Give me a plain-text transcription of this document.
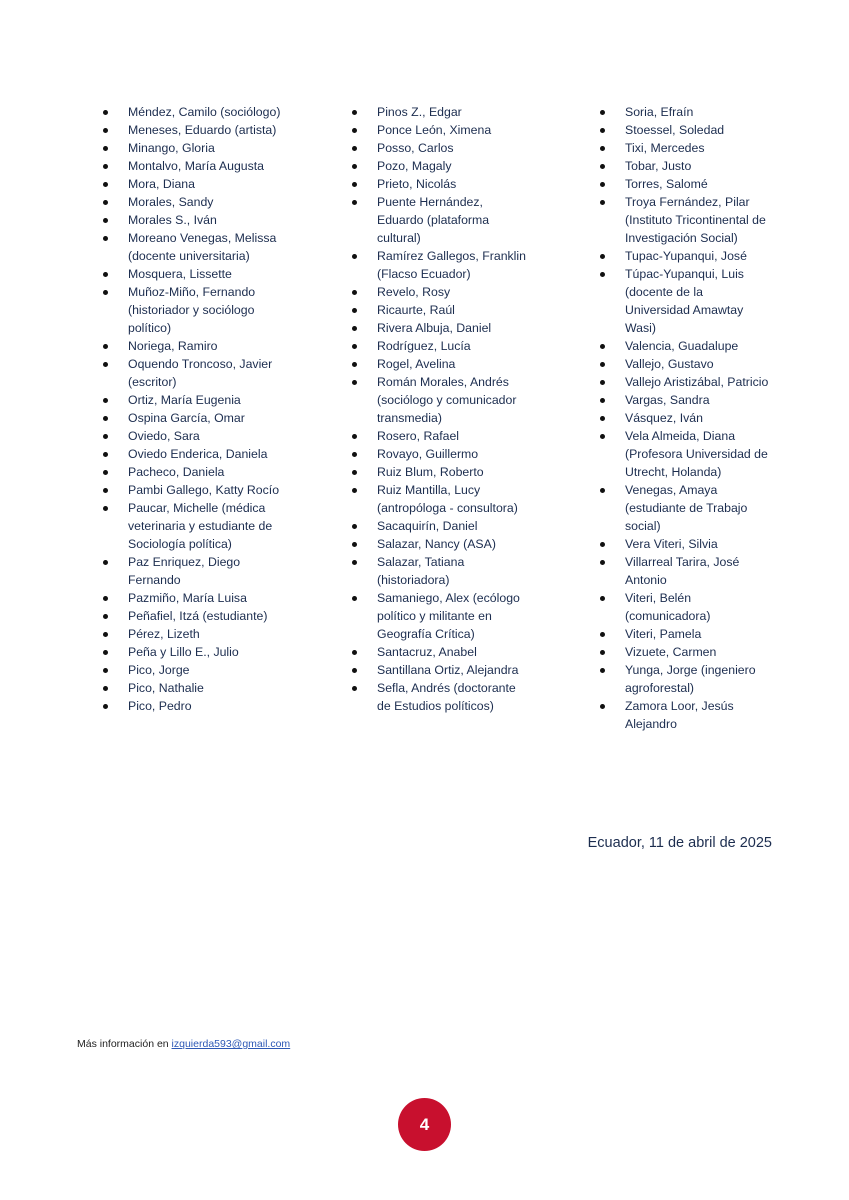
Méndez, Camilo (sociólogo)
Meneses, Eduardo (artista)
Minango, Gloria
Montalvo, María Augusta
Mora, Diana
Morales, Sandy
Morales S., Iván
Moreano Venegas, Melissa (docente universitaria)
Mosquera, Lissette
Muñoz-Miño, Fernando (historiador y sociólogo político)
Noriega, Ramiro
Oquendo Troncoso, Javier (escritor)
Ortiz, María Eugenia
Ospina García, Omar
Oviedo, Sara
Oviedo Enderica, Daniela
Pacheco, Daniela
Pambi Gallego, Katty Rocío
Paucar, Michelle (médica veterinaria y estudiante de Sociología política)
Paz Enriquez, Diego Fernando
Pazmiño, María Luisa
Peñafiel, Itzá (estudiante)
Pérez, Lizeth
Peña y Lillo E., Julio
Pico, Jorge
Pico, Nathalie
Pico, Pedro
Pinos Z., Edgar
Ponce León, Ximena
Posso, Carlos
Pozo, Magaly
Prieto, Nicolás
Puente Hernández, Eduardo (plataforma cultural)
Ramírez Gallegos, Franklin (Flacso Ecuador)
Revelo, Rosy
Ricaurte, Raúl
Rivera Albuja, Daniel
Rodríguez, Lucía
Rogel, Avelina
Román Morales, Andrés (sociólogo y comunicador transmedia)
Rosero, Rafael
Rovayo, Guillermo
Ruiz Blum, Roberto
Ruiz Mantilla, Lucy (antropóloga - consultora)
Sacaquirín, Daniel
Salazar, Nancy (ASA)
Salazar, Tatiana (historiadora)
Samaniego, Alex (ecólogo político y militante en Geografía Crítica)
Santacruz, Anabel
Santillana Ortiz, Alejandra
Sefla, Andrés (doctorante de Estudios políticos)
Soria, Efraín
Stoessel, Soledad
Tixi, Mercedes
Tobar, Justo
Torres, Salomé
Troya Fernández, Pilar (Instituto Tricontinental de Investigación Social)
Tupac-Yupanqui, José
Túpac-Yupanqui, Luis (docente de la Universidad Amawtay Wasi)
Valencia, Guadalupe
Vallejo, Gustavo
Vallejo Aristizábal, Patricio
Vargas, Sandra
Vásquez, Iván
Vela Almeida, Diana (Profesora Universidad de Utrecht, Holanda)
Venegas, Amaya (estudiante de Trabajo social)
Vera Viteri, Silvia
Villarreal Tarira, José Antonio
Viteri, Belén (comunicadora)
Viteri, Pamela
Vizuete, Carmen
Yunga, Jorge (ingeniero agroforestal)
Zamora Loor, Jesús Alejandro
Ecuador, 11 de abril de 2025
Más información en izquierda593@gmail.com
4
